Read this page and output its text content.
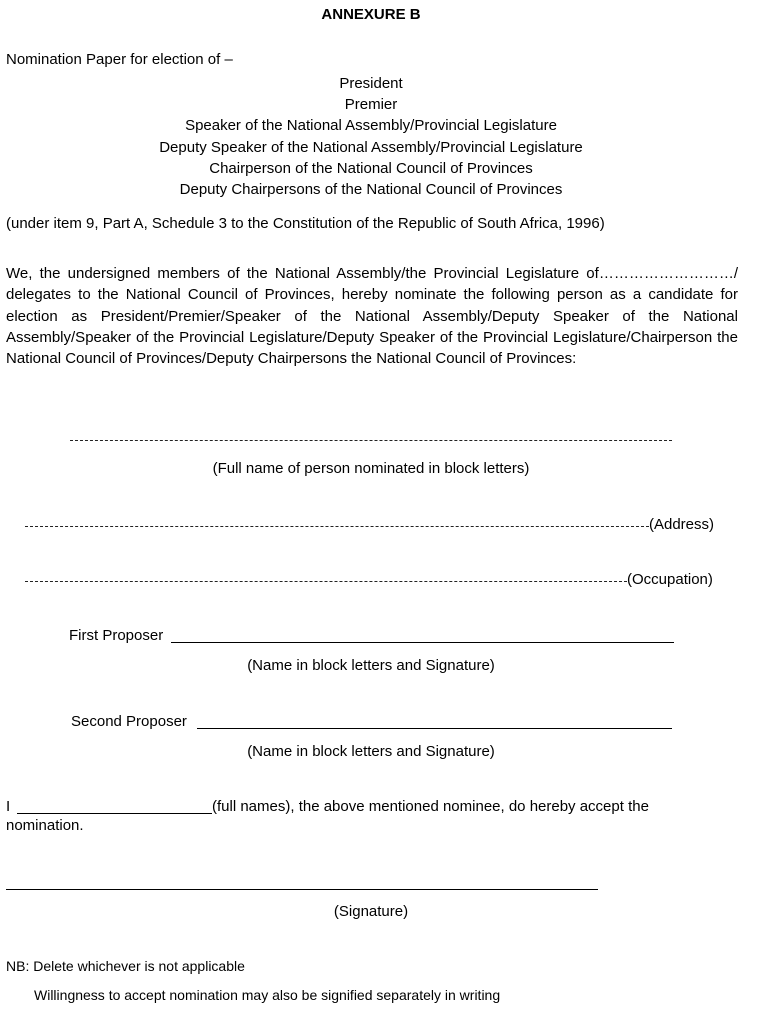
ANNEXURE B
Nomination Paper for election of –
President
Premier
Speaker of the National Assembly/Provincial Legislature
Deputy Speaker of the National Assembly/Provincial Legislature
Chairperson of the National Council of Provinces
Deputy Chairpersons of the National Council of Provinces
(under item 9, Part A, Schedule 3 to the Constitution of the Republic of South Africa, 1996)
We, the undersigned members of the National Assembly/the Provincial Legislature of………………………/ delegates to the National Council of Provinces, hereby nominate the following person as a candidate for election as President/Premier/Speaker of the National Assembly/Deputy Speaker of the National Assembly/Speaker of the Provincial Legislature/Deputy Speaker of the Provincial Legislature/Chairperson the National Council of Provinces/Deputy Chairpersons the National Council of Provinces:
(Full name of person nominated in block letters)
(Address)
(Occupation)
First Proposer
(Name in block letters and Signature)
Second Proposer
(Name in block letters and Signature)
I	(full names), the above mentioned nominee, do hereby accept the
nomination.
(Signature)
NB: Delete whichever is not applicable
Willingness to accept nomination may also be signified separately in writing
